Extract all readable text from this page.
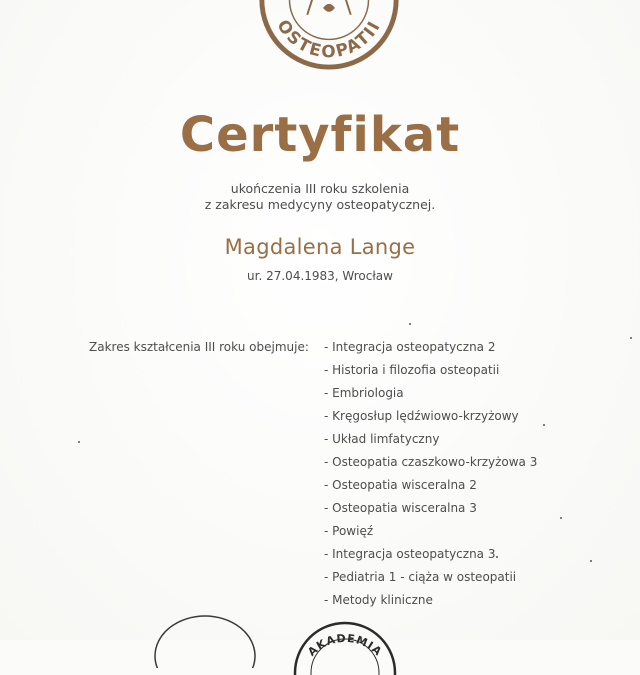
OSTEOPATII
Certyfikat
ukończenia III roku szkolenia
z zakresu medycyny osteopatycznej.
Magdalena Lange
ur. 27.04.1983, Wrocław
Zakres kształcenia III roku obejmuje: - Integracja osteopatyczna 2
- Historia i filozofia osteopatii
- Embriologia
- Kręgosłup lędźwiowo-krzyżowy
- Układ limfatyczny
- Osteopatia czaszkowo-krzyżowa 3
- Osteopatia wisceralna 2
- Osteopatia wisceralna 3
- Powięź
- Integracja osteopatyczna 3
- Pediatria 1 - ciąża w osteopatii
- Metody kliniczne
AKADEMIA
